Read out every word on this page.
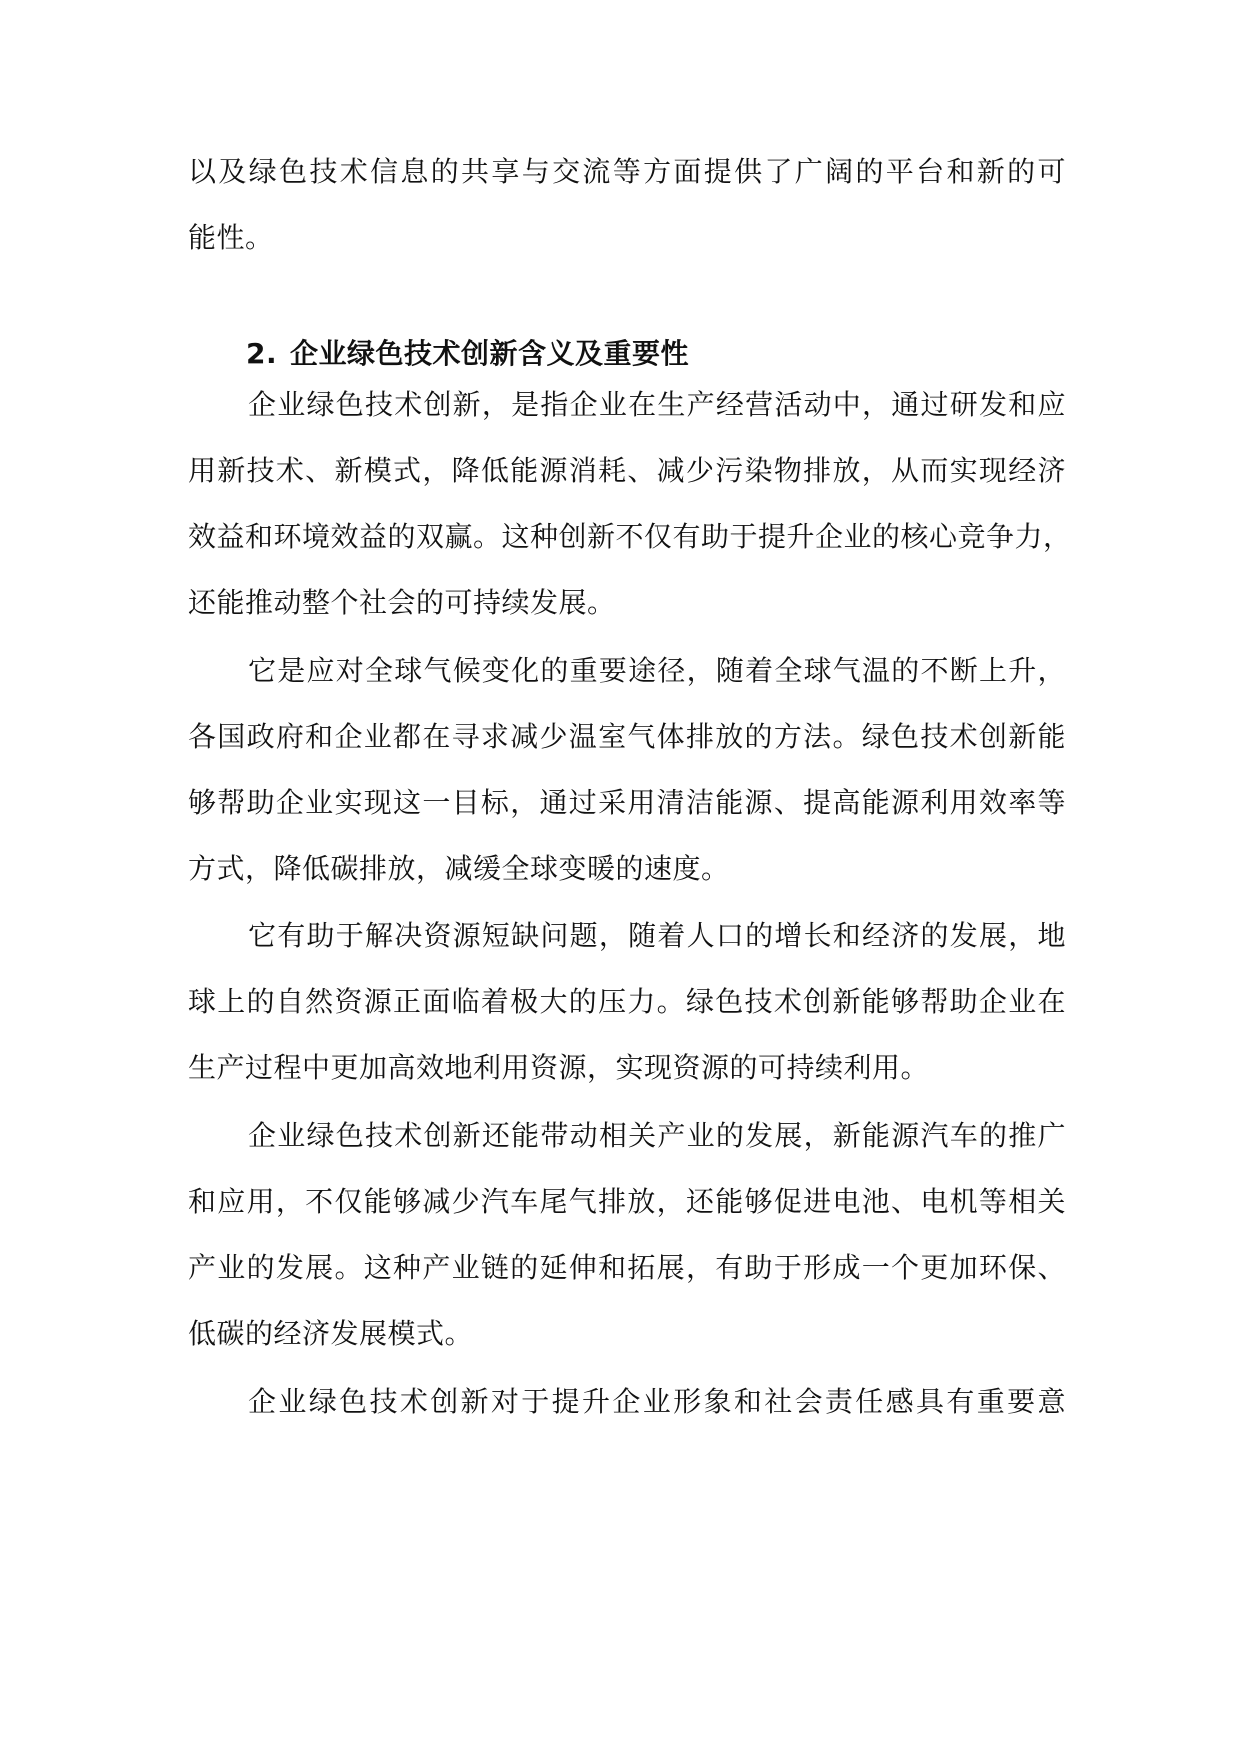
以及绿色技术信息的共享与交流等方面提供了广阔的平台和新的可
能性。
2. 企业绿色技术创新含义及重要性
企业绿色技术创新，是指企业在生产经营活动中，通过研发和应
用新技术、新模式，降低能源消耗、减少污染物排放，从而实现经济
效益和环境效益的双赢。这种创新不仅有助于提升企业的核心竞争力，
还能推动整个社会的可持续发展。
它是应对全球气候变化的重要途径，随着全球气温的不断上升，
各国政府和企业都在寻求减少温室气体排放的方法。绿色技术创新能
够帮助企业实现这一目标，通过采用清洁能源、提高能源利用效率等
方式，降低碳排放，减缓全球变暖的速度。
它有助于解决资源短缺问题，随着人口的增长和经济的发展，地
球上的自然资源正面临着极大的压力。绿色技术创新能够帮助企业在
生产过程中更加高效地利用资源，实现资源的可持续利用。
企业绿色技术创新还能带动相关产业的发展，新能源汽车的推广
和应用，不仅能够减少汽车尾气排放，还能够促进电池、电机等相关
产业的发展。这种产业链的延伸和拓展，有助于形成一个更加环保、
低碳的经济发展模式。
企业绿色技术创新对于提升企业形象和社会责任感具有重要意
